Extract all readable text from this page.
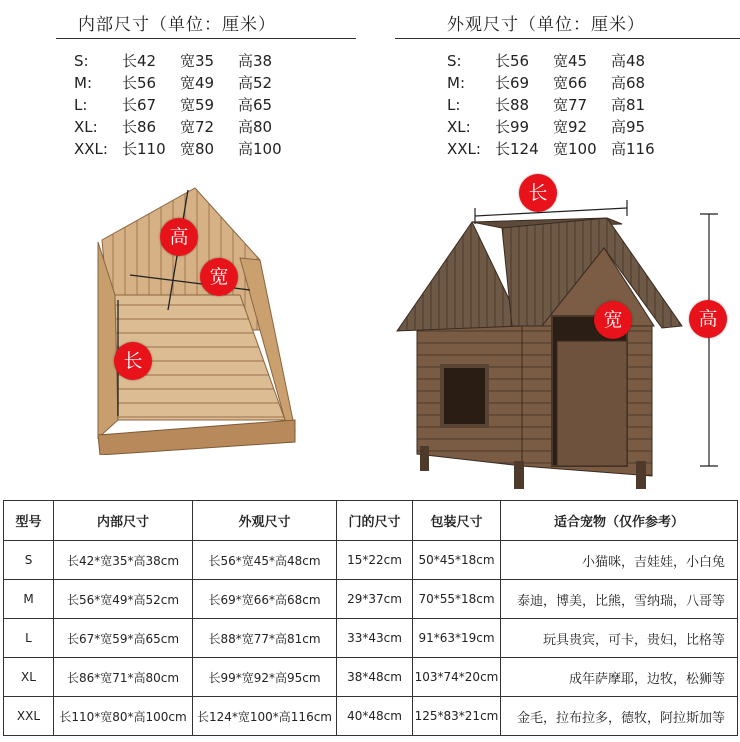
内部尺寸（单位：厘米）
S: 长42 宽35 高38
M: 长56 宽49 高52
L: 长67 宽59 高65
XL: 长86 宽72 高80
XXL: 长110 宽80 高100
外观尺寸（单位：厘米）
S: 长56 宽45 高48
M: 长69 宽66 高68
L: 长88 宽77 高81
XL: 长99 宽92 高95
XXL: 长124 宽100 高116
高
宽
长
长
宽	高
型号	内部尺寸	外观尺寸	门的尺寸	包装尺寸	适合宠物（仅作参考）
S	长42*宽35*高38cm	长56*宽45*高48cm	15*22cm	50*45*18cm	小猫咪，吉娃娃，小白兔
M	长56*宽49*高52cm	长69*宽66*高68cm	29*37cm	70*55*18cm	泰迪，博美，比熊，雪纳瑞，八哥等
L	长67*宽59*高65cm	长88*宽77*高81cm	33*43cm	91*63*19cm	玩具贵宾，可卡，贵妇，比格等
XL	长86*宽71*高80cm	长99*宽92*高95cm	38*48cm	103*74*20cm	成年萨摩耶，边牧，松狮等
XXL	长110*宽80*高100cm	长124*宽100*高116cm	40*48cm	125*83*21cm	金毛，拉布拉多，德牧，阿拉斯加等
